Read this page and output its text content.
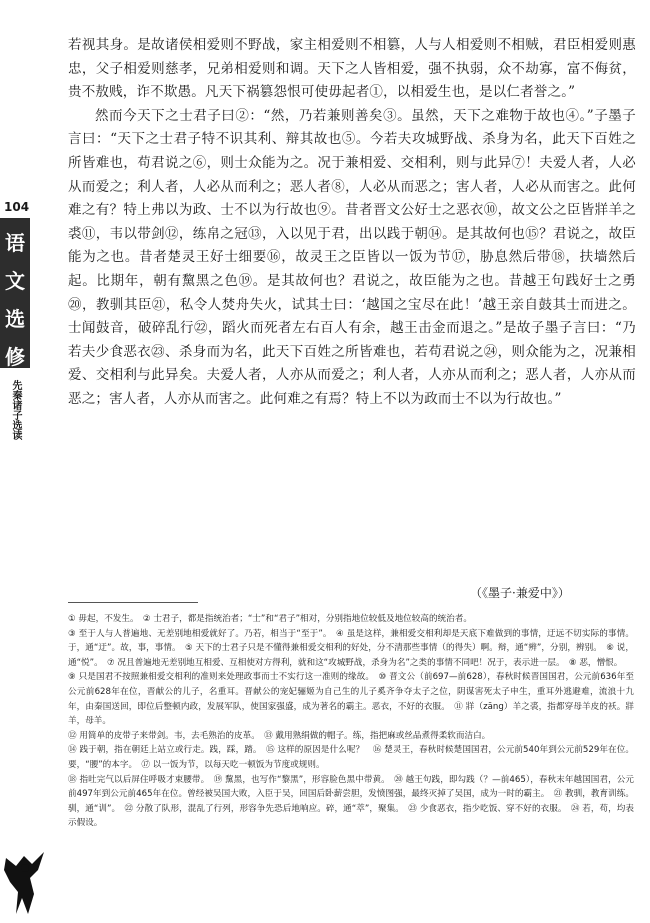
104
语
文
选
修
先秦诸子选读

若视其身。是故诸侯相爱则不野战，家主相爱则不相篡，人与人相爱则不相贼，君臣相爱则惠忠，父子相爱则慈孝，兄弟相爱则和调。天下之人皆相爱，强不执弱，众不劫寡，富不侮贫，贵不敖贱，诈不欺愚。凡天下祸篡怨恨可使毋起者①，以相爱生也，是以仁者誉之。”

然而今天下之士君子曰②：“然，乃若兼则善矣③。虽然，天下之难物于故也④。”子墨子言曰：“天下之士君子特不识其利、辩其故也⑤。今若夫攻城野战、杀身为名，此天下百姓之所皆难也，苟君说之⑥，则士众能为之。况于兼相爱、交相利，则与此异⑦！夫爱人者，人必从而爱之；利人者，人必从而利之；恶人者⑧，人必从而恶之；害人者，人必从而害之。此何难之有？特上弗以为政、士不以为行故也⑨。昔者晋文公好士之恶衣⑩，故文公之臣皆牂羊之裘⑪，韦以带剑⑫，练帛之冠⑬，入以见于君，出以践于朝⑭。是其故何也⑮？君说之，故臣能为之也。昔者楚灵王好士细要⑯，故灵王之臣皆以一饭为节⑰，胁息然后带⑱，扶墙然后起。比期年，朝有黧黑之色⑲。是其故何也？君说之，故臣能为之也。昔越王句践好士之勇⑳，教驯其臣㉑，私令人焚舟失火，试其士曰：‘越国之宝尽在此！’越王亲自鼓其士而进之。士闻鼓音，破碎乱行㉒，蹈火而死者左右百人有余，越王击金而退之。”是故子墨子言曰：“乃若夫少食恶衣㉓、杀身而为名，此天下百姓之所皆难也，若苟君说之㉔，则众能为之，况兼相爱、交相利与此异矣。夫爱人者，人亦从而爱之；利人者，人亦从而利之；恶人者，人亦从而恶之；害人者，人亦从而害之。此何难之有焉？特上不以为政而士不以为行故也。”

（《墨子·兼爱中》）

① 毋起，不发生。　② 士君子，都是指统治者；“士”和“君子”相对，分别指地位较低及地位较高的统治者。

③ 至于人与人普遍地、无差别地相爱就好了。乃若，相当于“至于”。　④ 虽是这样，兼相爱交相利却是天底下难做到的事情，迂远不切实际的事情。于，通“迂”。故，事，事情。　⑤ 天下的士君子只是不懂得兼相爱交相利的好处，分不清那些事情（的得失）啊。辩，通“辨”，分别，辨别。　⑥ 说，通“悦”。　⑦ 况且普遍地无差别地互相爱、互相使对方得利，就和这“攻城野战，杀身为名”之类的事情不同吧！况于，表示进一层。　⑧ 恶，憎恨。

⑨ 只是国君不按照兼相爱交相利的准则来处理政事而士不实行这一准则的缘故。　⑩ 晋文公（前697—前628），春秋时候晋国国君，公元前636年至公元前628年在位，晋献公的儿子，名重耳。晋献公的宠妃骊姬为自己生的儿子奚齐争夺太子之位，阴谋害死太子申生，重耳外逃避难，流浪十九年，由秦国送回，即位后整顿内政，发展军队，使国家强盛，成为著名的霸主。恶衣，不好的衣服。　⑪ 牂（zāng）羊之裘，指都穿母羊皮的袄。牂羊，母羊。

⑫ 用简单的皮带子来带剑。韦，去毛熟治的皮革。　⑬ 戴用熟绢做的帽子。练，指把麻或丝品煮得柔软而洁白。

⑭ 践于朝，指在朝廷上站立或行走。践，踩，踏。　⑮ 这样的原因是什么呢？　⑯ 楚灵王，春秋时候楚国国君，公元前540年到公元前529年在位。要，“腰”的本字。　⑰ 以一饭为节，以每天吃一顿饭为节度或规则。

⑱ 指吐完气以后屏住呼吸才束腰带。　⑲ 黧黑，也写作“黎黑”，形容脸色黑中带黄。　⑳ 越王句践，即勾践（？—前465），春秋末年越国国君，公元前497年到公元前465年在位。曾经被吴国大败，入臣于吴，回国后卧薪尝胆，发愤图强，最终灭掉了吴国，成为一时的霸主。　㉑ 教驯，教育训练。驯，通“训”。　㉒ 分散了队形，混乱了行列，形容争先恐后地响应。碎，通“萃”，聚集。　㉓ 少食恶衣，指少吃饭、穿不好的衣服。　㉔ 若，苟，均表示假设。
